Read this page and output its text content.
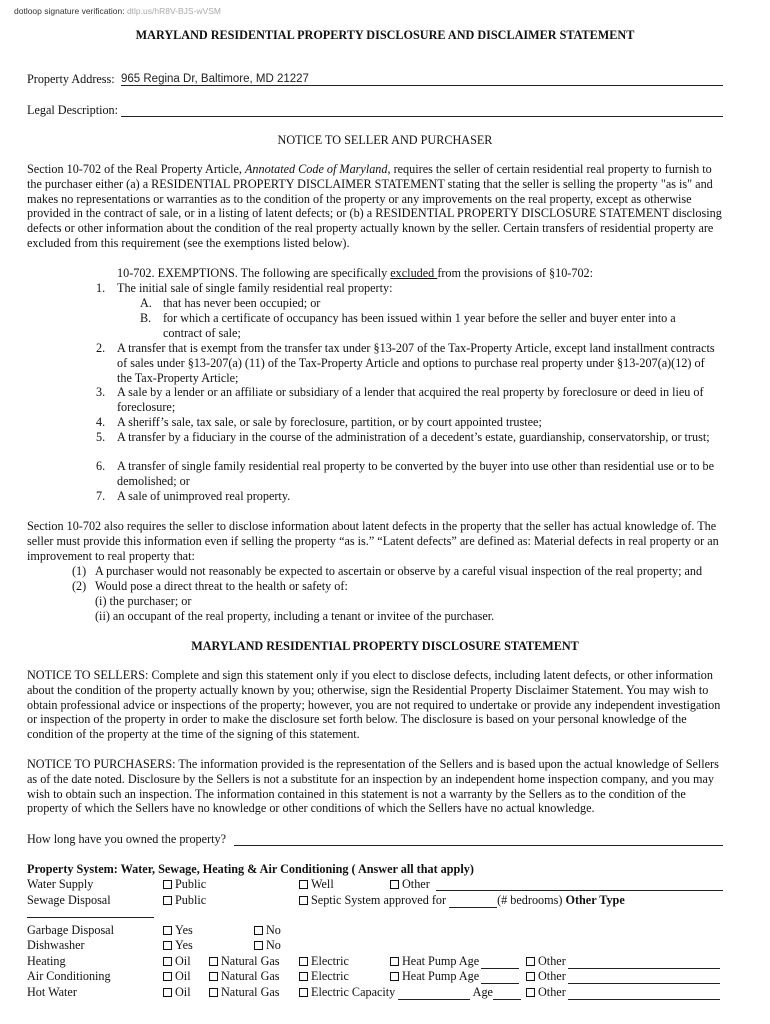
dotloop signature verification: dtlp.us/hR8V-BJS-wVSM
MARYLAND RESIDENTIAL PROPERTY DISCLOSURE AND DISCLAIMER STATEMENT
Property Address: 965 Regina Dr, Baltimore, MD 21227
Legal Description:
NOTICE TO SELLER AND PURCHASER
Section 10-702 of the Real Property Article, Annotated Code of Maryland, requires the seller of certain residential real property to furnish to the purchaser either (a) a RESIDENTIAL PROPERTY DISCLAIMER STATEMENT stating that the seller is selling the property "as is" and makes no representations or warranties as to the condition of the property or any improvements on the real property, except as otherwise provided in the contract of sale, or in a listing of latent defects; or (b) a RESIDENTIAL PROPERTY DISCLOSURE STATEMENT disclosing defects or other information about the condition of the real property actually known by the seller. Certain transfers of residential property are excluded from this requirement (see the exemptions listed below).
10-702. EXEMPTIONS. The following are specifically excluded from the provisions of §10-702:
1. The initial sale of single family residential real property:
A. that has never been occupied; or
B. for which a certificate of occupancy has been issued within 1 year before the seller and buyer enter into a contract of sale;
2. A transfer that is exempt from the transfer tax under §13-207 of the Tax-Property Article, except land installment contracts of sales under §13-207(a) (11) of the Tax-Property Article and options to purchase real property under §13-207(a)(12) of the Tax-Property Article;
3. A sale by a lender or an affiliate or subsidiary of a lender that acquired the real property by foreclosure or deed in lieu of foreclosure;
4. A sheriff’s sale, tax sale, or sale by foreclosure, partition, or by court appointed trustee;
5. A transfer by a fiduciary in the course of the administration of a decedent’s estate, guardianship, conservatorship, or trust;
6. A transfer of single family residential real property to be converted by the buyer into use other than residential use or to be demolished; or
7. A sale of unimproved real property.
Section 10-702 also requires the seller to disclose information about latent defects in the property that the seller has actual knowledge of. The seller must provide this information even if selling the property “as is.” “Latent defects” are defined as: Material defects in real property or an improvement to real property that:
(1) A purchaser would not reasonably be expected to ascertain or observe by a careful visual inspection of the real property; and
(2) Would pose a direct threat to the health or safety of:
(i) the purchaser; or
(ii) an occupant of the real property, including a tenant or invitee of the purchaser.
MARYLAND RESIDENTIAL PROPERTY DISCLOSURE STATEMENT
NOTICE TO SELLERS: Complete and sign this statement only if you elect to disclose defects, including latent defects, or other information about the condition of the property actually known by you; otherwise, sign the Residential Property Disclaimer Statement. You may wish to obtain professional advice or inspections of the property; however, you are not required to undertake or provide any independent investigation or inspection of the property in order to make the disclosure set forth below. The disclosure is based on your personal knowledge of the condition of the property at the time of the signing of this statement.
NOTICE TO PURCHASERS: The information provided is the representation of the Sellers and is based upon the actual knowledge of Sellers as of the date noted. Disclosure by the Sellers is not a substitute for an inspection by an independent home inspection company, and you may wish to obtain such an inspection. The information contained in this statement is not a warranty by the Sellers as to the condition of the property of which the Sellers have no knowledge or other conditions of which the Sellers have no actual knowledge.
How long have you owned the property?
Property System: Water, Sewage, Heating & Air Conditioning ( Answer all that apply)
Water Supply	Public	Well	Other
Sewage Disposal	Public	Septic System approved for	(# bedrooms) Other Type
Garbage Disposal	Yes	No
Dishwasher	Yes	No
Heating	Oil	Natural Gas	Electric	Heat Pump Age	Other
Air Conditioning	Oil	Natural Gas	Electric	Heat Pump Age	Other
Hot Water	Oil	Natural Gas	Electric Capacity	Age	Other
